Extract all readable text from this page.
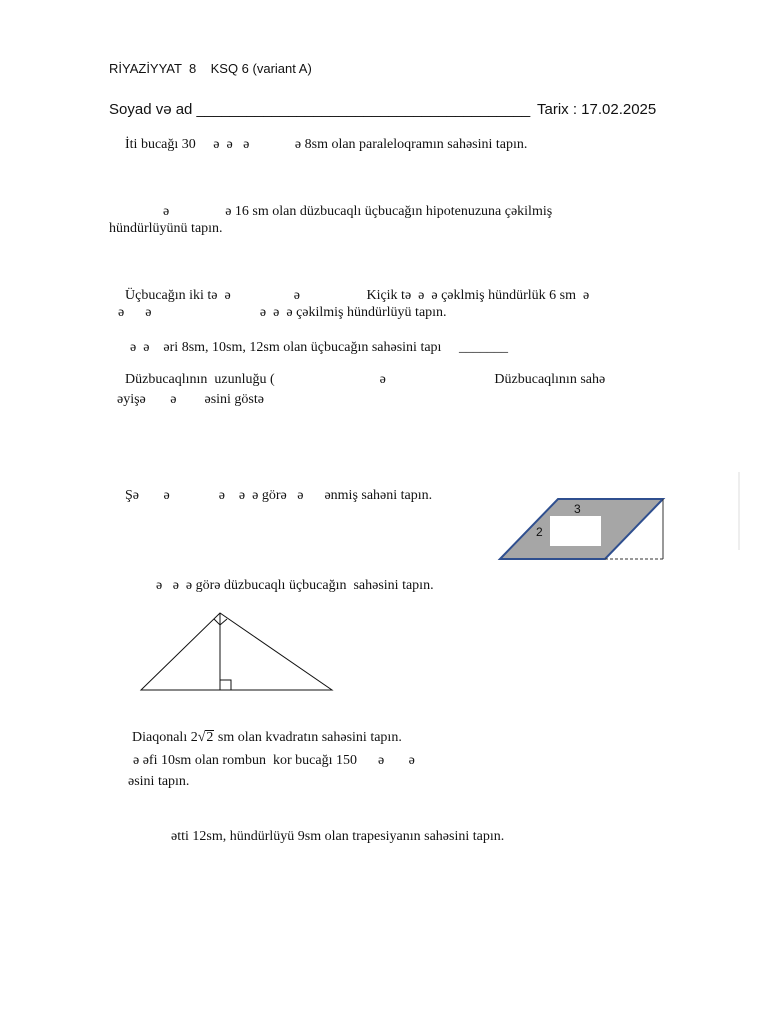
RİYAZİYYAT  8    KSQ 6 (variant A)
Soyad və ad ________________________________________ Tarix : 17.02.2025
İti bucağı 30     ə  ə   ə             ə 8sm olan paraleloqramın sahəsini tapın.
ə                ə 16 sm olan düzbucaqlı üçbucağın hipotenuzuna çəkilmiş
hündürlüyünü tapın.
Üçbucağın iki tə  ə                  ə                   Kiçik tə  ə  ə çəklmiş hündürlük 6 sm  ə
ə      ə                               ə  ə  ə çəkilmiş hündürlüyü tapın.
ə  ə    əri 8sm, 10sm, 12sm olan üçbucağın sahəsini tapı     _______
Düzbucaqlının  uzunluğu (                              ə                               Düzbucaqlının sahə
əyişə       ə        əsini göstə
Şə       ə              ə    ə  ə görə   ə      ənmiş sahəni tapın.
3
2
ə   ə  ə görə düzbucaqlı üçbucağın  sahəsini tapın.

Diaqonalı 2√2 sm olan kvadratın sahəsini tapın.

ə əfi 10sm olan rombun  kor bucağı 150      ə       ə
əsini tapın.
ətti 12sm, hündürlüyü 9sm olan trapesiyanın sahəsini tapın.
